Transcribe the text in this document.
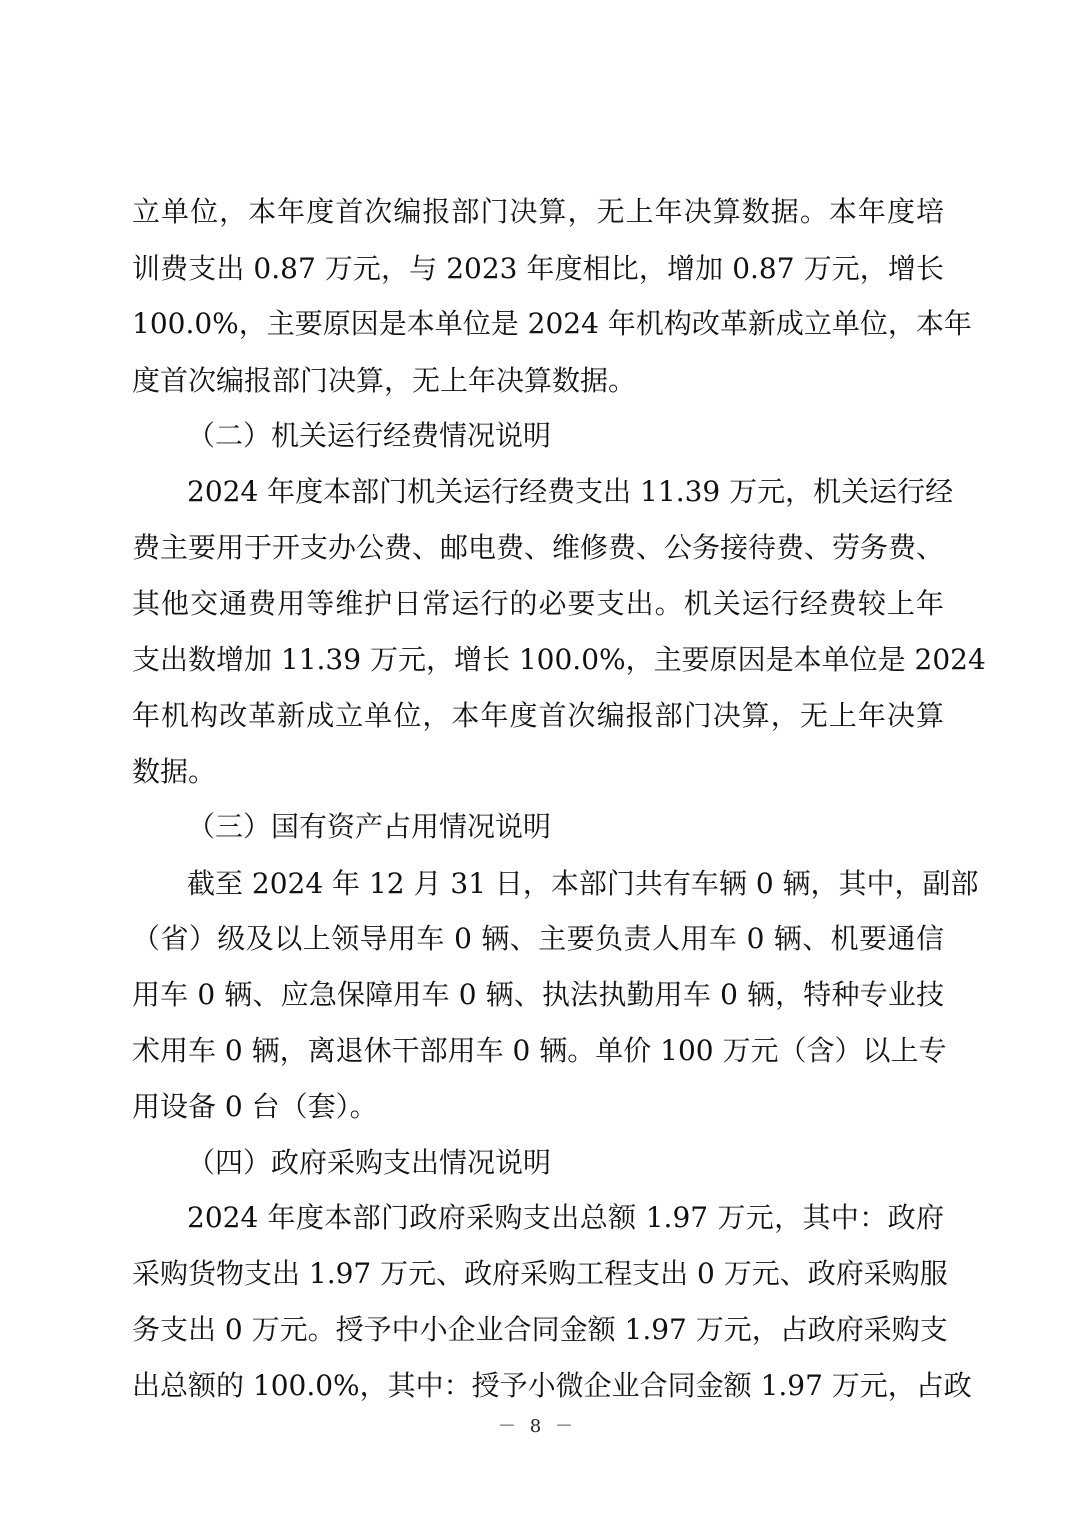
立单位，本年度首次编报部门决算，无上年决算数据。本年度培
训费支出 0.87 万元，与 2023 年度相比，增加 0.87 万元，增长
100.0%，主要原因是本单位是 2024 年机构改革新成立单位，本年
度首次编报部门决算，无上年决算数据。
（二）机关运行经费情况说明
2024 年度本部门机关运行经费支出 11.39 万元，机关运行经
费主要用于开支办公费、邮电费、维修费、公务接待费、劳务费、
其他交通费用等维护日常运行的必要支出。机关运行经费较上年
支出数增加 11.39 万元，增长 100.0%，主要原因是本单位是 2024
年机构改革新成立单位，本年度首次编报部门决算，无上年决算
数据。
（三）国有资产占用情况说明
截至 2024 年 12 月 31 日，本部门共有车辆 0 辆，其中，副部
（省）级及以上领导用车 0 辆、主要负责人用车 0 辆、机要通信
用车 0 辆、应急保障用车 0 辆、执法执勤用车 0 辆，特种专业技
术用车 0 辆，离退休干部用车 0 辆。单价 100 万元（含）以上专
用设备 0 台（套）。
（四）政府采购支出情况说明
2024 年度本部门政府采购支出总额 1.97 万元，其中：政府
采购货物支出 1.97 万元、政府采购工程支出 0 万元、政府采购服
务支出 0 万元。授予中小企业合同金额 1.97 万元，占政府采购支
出总额的 100.0%，其中：授予小微企业合同金额 1.97 万元，占政
－ 8 －
